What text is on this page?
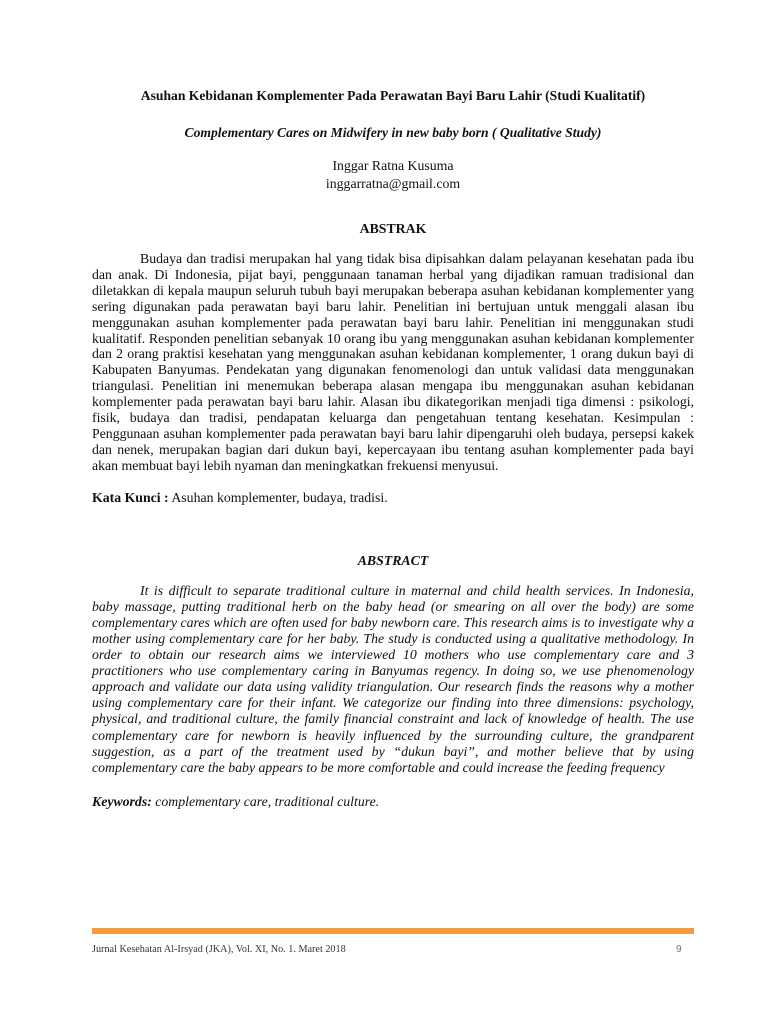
Asuhan Kebidanan Komplementer Pada Perawatan Bayi Baru Lahir (Studi Kualitatif)

Complementary Cares on Midwifery in new baby born ( Qualitative Study)

Inggar Ratna Kusuma

inggarratna@gmail.com

ABSTRAK

Budaya dan tradisi merupakan hal yang tidak bisa dipisahkan dalam pelayanan kesehatan pada ibu dan anak. Di Indonesia, pijat bayi, penggunaan tanaman herbal yang dijadikan ramuan tradisional dan diletakkan di kepala maupun seluruh tubuh bayi merupakan beberapa asuhan kebidanan komplementer yang sering digunakan pada perawatan bayi baru lahir. Penelitian ini bertujuan untuk menggali alasan ibu menggunakan asuhan komplementer pada perawatan bayi baru lahir. Penelitian ini menggunakan studi kualitatif. Responden penelitian sebanyak 10 orang ibu yang menggunakan asuhan kebidanan komplementer dan 2 orang praktisi kesehatan yang menggunakan asuhan kebidanan komplementer, 1 orang dukun bayi di Kabupaten Banyumas. Pendekatan yang digunakan fenomenologi dan untuk validasi data menggunakan triangulasi. Penelitian ini menemukan beberapa alasan mengapa ibu menggunakan asuhan kebidanan komplementer pada perawatan bayi baru lahir. Alasan ibu dikategorikan menjadi tiga dimensi : psikologi, fisik, budaya dan tradisi, pendapatan keluarga dan pengetahuan tentang kesehatan. Kesimpulan : Penggunaan asuhan komplementer pada perawatan bayi baru lahir dipengaruhi oleh budaya, persepsi kakek dan nenek, merupakan bagian dari dukun bayi, kepercayaan ibu tentang asuhan komplementer pada bayi akan membuat bayi lebih nyaman dan meningkatkan frekuensi menyusui.

Kata Kunci : Asuhan komplementer, budaya, tradisi.

ABSTRACT

It is difficult to separate traditional culture in maternal and child health services. In Indonesia, baby massage, putting traditional herb on the baby head (or smearing on all over the body) are some complementary cares which are often used for baby newborn care. This research aims is to investigate why a mother using complementary care for her baby. The study is conducted using a qualitative methodology. In order to obtain our research aims we interviewed 10 mothers who use complementary care and 3 practitioners who use complementary caring in Banyumas regency. In doing so, we use phenomenology approach and validate our data using validity triangulation. Our research finds the reasons why a mother using complementary care for their infant. We categorize our finding into three dimensions: psychology, physical, and traditional culture, the family financial constraint and lack of knowledge of health. The use complementary care for newborn is heavily influenced by the surrounding culture, the grandparent suggestion, as a part of the treatment used by “dukun bayi”, and mother believe that by using complementary care the baby appears to be more comfortable and could increase the feeding frequency

Keywords: complementary care, traditional culture.

Jurnal Kesehatan Al-Irsyad (JKA), Vol. XI, No. 1. Maret 2018	9
